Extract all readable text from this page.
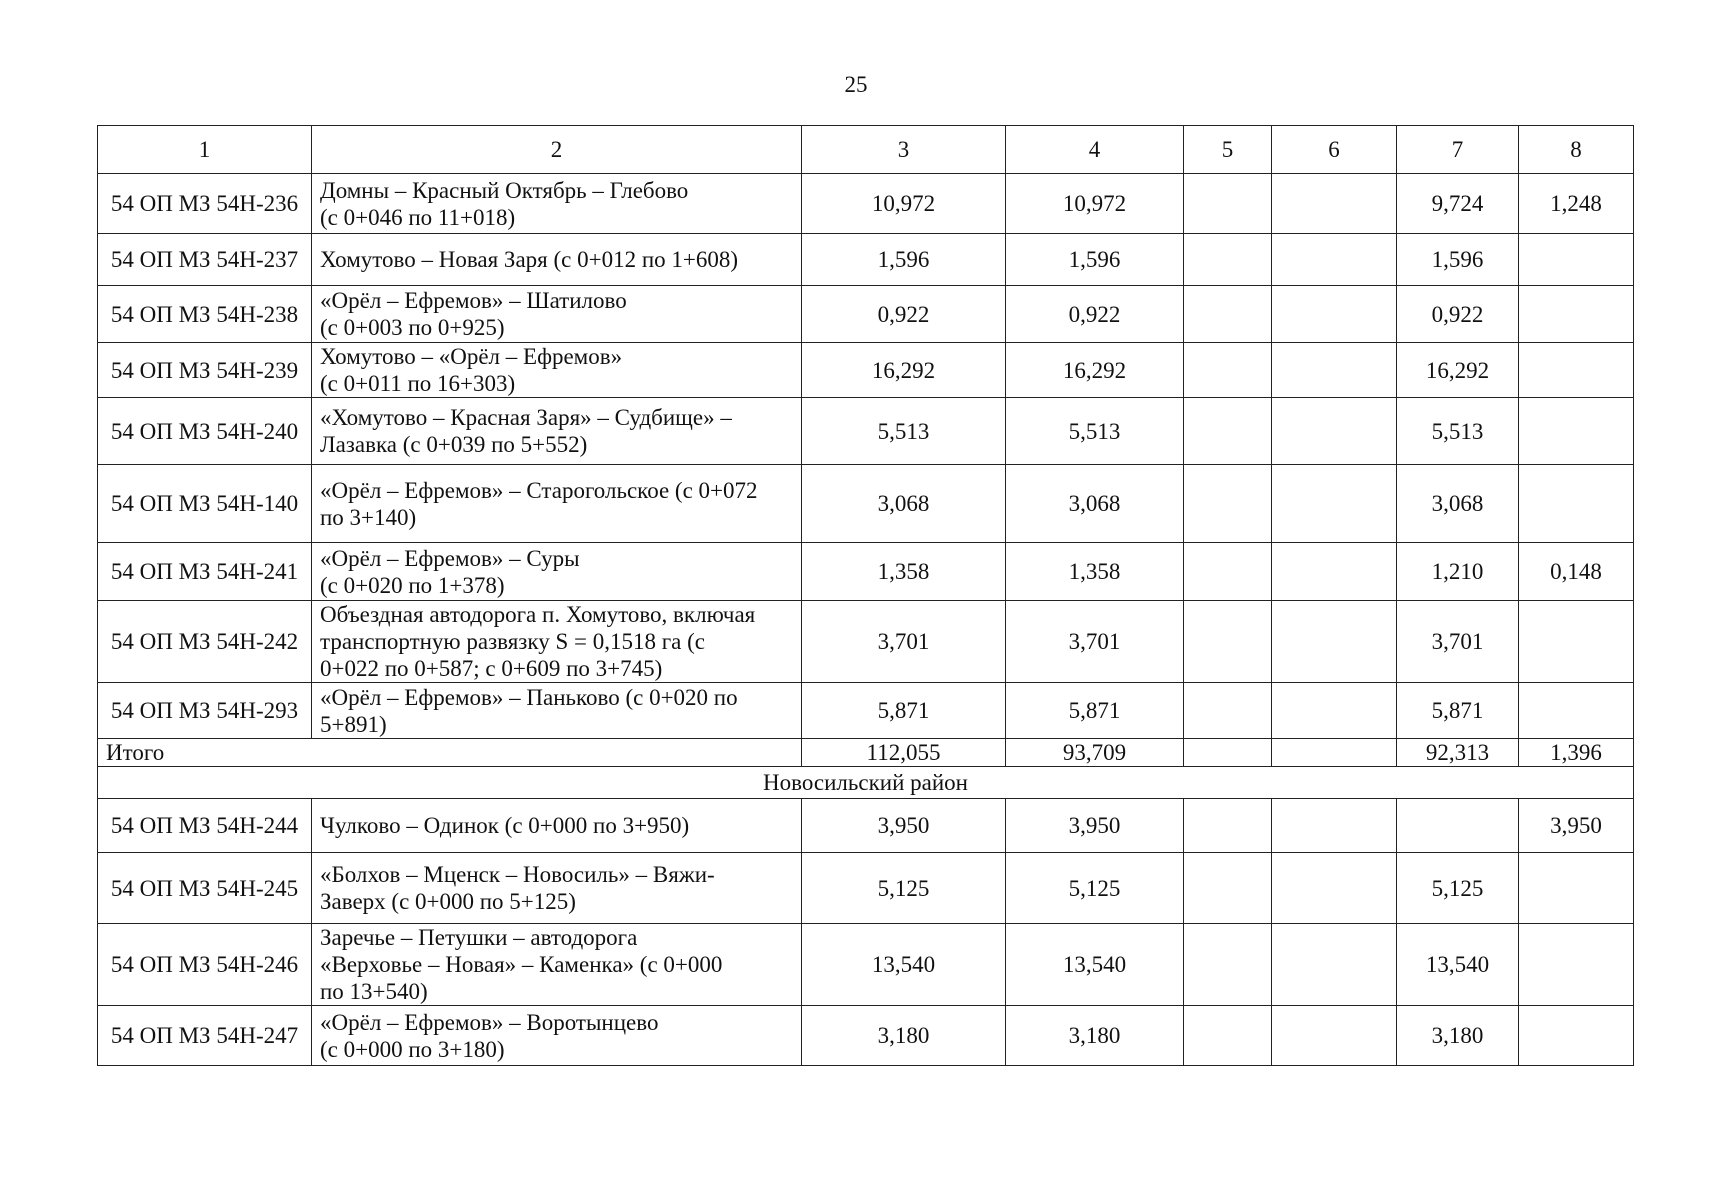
25
1	2	3	4	5	6	7	8
54 ОП МЗ 54Н-236	Домны – Красный Октябрь – Глебово
(с 0+046 по 11+018)	10,972	10,972			9,724	1,248
54 ОП МЗ 54Н-237	Хомутово – Новая Заря (с 0+012 по 1+608)	1,596	1,596			1,596	
54 ОП МЗ 54Н-238	«Орёл – Ефремов» – Шатилово
(с 0+003 по 0+925)	0,922	0,922			0,922	
54 ОП МЗ 54Н-239	Хомутово – «Орёл – Ефремов»
(с 0+011 по 16+303)	16,292	16,292			16,292	
54 ОП МЗ 54Н-240	«Хомутово – Красная Заря» – Судбище» –
Лазавка (с 0+039 по 5+552)	5,513	5,513			5,513	
54 ОП МЗ 54Н-140	«Орёл – Ефремов» – Старогольское (с 0+072
по 3+140)	3,068	3,068			3,068	
54 ОП МЗ 54Н-241	«Орёл – Ефремов» – Суры
(с 0+020 по 1+378)	1,358	1,358			1,210	0,148
54 ОП МЗ 54Н-242	Объездная автодорога п. Хомутово, включая
транспортную развязку S = 0,1518 га (с
0+022 по 0+587; с 0+609 по 3+745)	3,701	3,701			3,701	
54 ОП МЗ 54Н-293	«Орёл – Ефремов» – Паньково (с 0+020 по
5+891)	5,871	5,871			5,871	
Итого		112,055	93,709			92,313	1,396
Новосильский район							
54 ОП МЗ 54Н-244	Чулково – Одинок (с 0+000 по 3+950)	3,950	3,950				3,950
54 ОП МЗ 54Н-245	«Болхов – Мценск – Новосиль» – Вяжи-
Заверх (с 0+000 по 5+125)	5,125	5,125			5,125	
54 ОП МЗ 54Н-246	Заречье – Петушки – автодорога
«Верховье – Новая» – Каменка» (с 0+000
по 13+540)	13,540	13,540			13,540	
54 ОП МЗ 54Н-247	«Орёл – Ефремов» – Воротынцево
(с 0+000 по 3+180)	3,180	3,180			3,180	
